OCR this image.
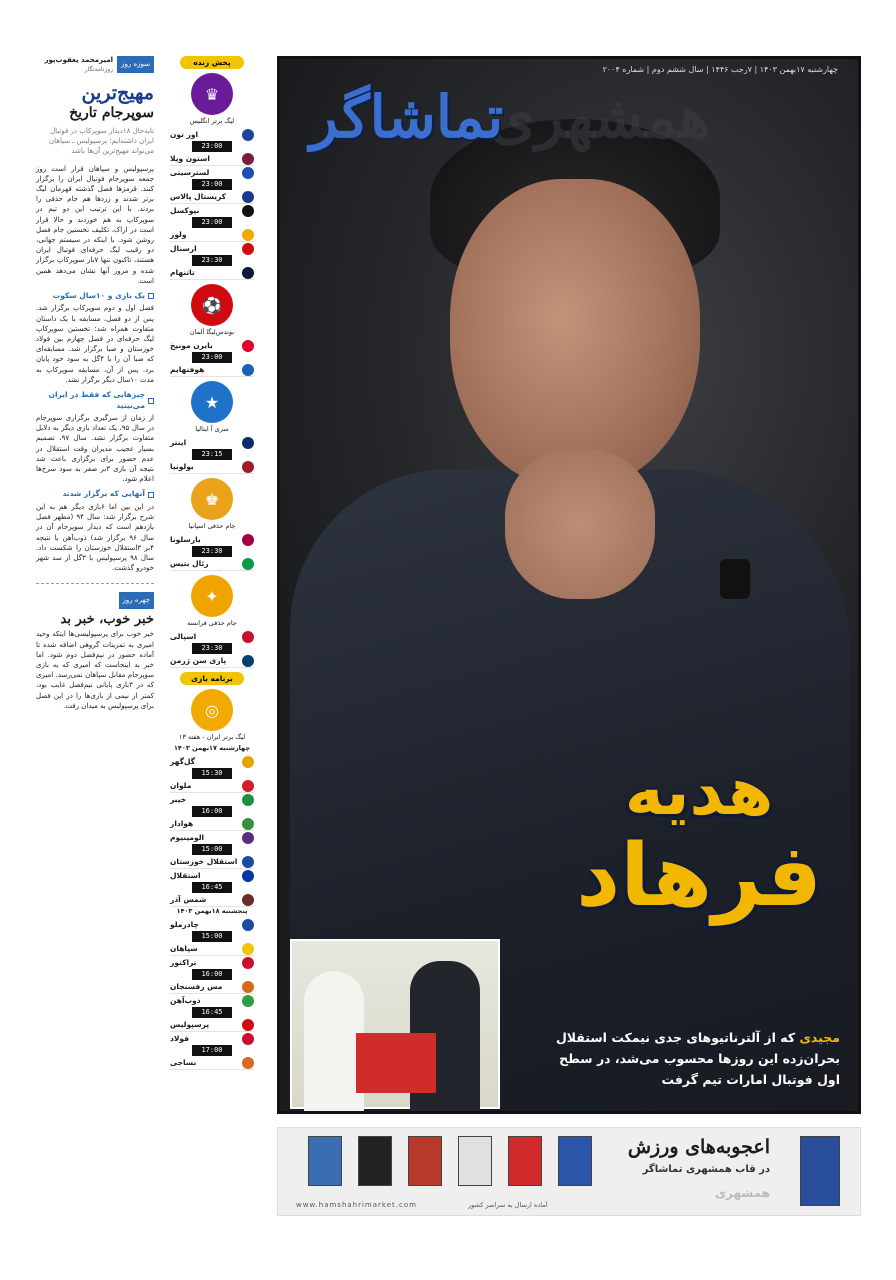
سوزه روز
امیرمحمد یعقوب‌پور
روزنامه‌نگار
مهیج‌ترین
سوپرجام تاریخ
تابه‌حال ۱۸دیدار سوپرکاپ در فوتبال ایران داشته‌ایم؛ پرسپولیس ـ سپاهان می‌تواند مهیج‌ترین آن‌ها باشد

پرسپولیس و سپاهان قرار است روز جمعه سوپرجام فوتبال ایران را برگزار کنند. قرمزها فصل گذشته قهرمان لیگ برتر شدند و زردها هم جام حذفی را بردند. با این ترتیب این دو تیم در سوپرکاپ به هم خوردند و حالا قرار است در اراک، تکلیف نخستین جام فصل روشن شود. با اینکه در سیستم جهانی، دو رقیب لیگ حرفه‌ای فوتبال ایران هستند، تاکنون تنها ۷بار سوپرکاپ برگزار شده و مرور آنها نشان می‌دهد همین است.

یک بازی و ۱۰سال سکوت

فصل اول و دوم سوپرکاپ برگزار شد. پس از دو فصل، مسابقه با یک داستان متفاوت همراه شد؛ تخستین سوپرکاپ لیگ حرفه‌ای در فصل چهارم بین فولاد خوزستان و صبا برگزار شد. مسابقه‌ای که صبا آن را با ۴گل به سود خود پایان برد. پس از آن، مسابقه سوپرکاپ به مدت ۱۰سال دیگر برگزار نشد.

چیزهایی که فقط در ایران می‌بینید

از زمان از سرگیری برگزاری سوپرجام در سال ۹۵، یک تعداد بازی دیگر به دلایل متفاوت برگزار نشد. سال ۹۷، تصمیم بسیار عجیب مدیران وقت استقلال در عدم حضور برای برگزاری باعث شد نتیجه آن بازی ۳بر صفر به سود سرخ‌ها اعلام شود.

آنهایی که برگزار شدند

در این بین اما ۶بازی دیگر هم به این شرح برگزار شد: سال ۹۴ (مطهر فصل یازدهم است که دیدار سوپرجام آن در سال ۹۶ برگزار شد) ذوب‌آهن با نتیجه ۴بر ۳استقلال خوزستان را شکست داد. سال ۹۸ پرسپولیس با ۳گل از سد شهر خودرو گذشت.

چهره روز
خبر خوب، خبر بد

خبر خوب برای پرسپولیسی‌ها اینکه وحید امیری به تمرینات گروهی اضافه شده تا آماده حضور در نیم‌فصل دوم شود. اما خبر بد اینجاست که امیری که به بازی سوپرجام مقابل سپاهان نمی‌رسد. امیری که در ۳بازی پایانی نیم‌فصل غایب بود، کمتر از نیمی از بازی‌ها را در این فصل برای پرسپولیس به میدان رفت.

پخش زنده
♛
لیگ برتر انگلیس
اور تون
23:00
استون ویلا
لسترسیتی
23:00
کریستال پالاس
نیوکسل
23:00
ولوز
ارسنال
23:30
تاتنهام
⚽
بوندس‌لیگا آلمان
بایرن مونیخ
23:00
هوفنهایم
★
سری آ ایتالیا
اینتر
23:15
بولونیا
♚
جام حذفی اسپانیا
بارسلونا
23:30
رئال بتیس
✦
جام حذفی فرانسه
اسپالی
23:30
پاری سن ژرمن
برنامه بازی
◎
لیگ برتر ایران - هفته ۱۳
چهارشنبه ۱۷بهمن ۱۴۰۳
گل‌گهر
15:30
ملوان
خیبر
16:00
هوادار
الومینیوم
15:00
استقلال خوزستان
استقلال
16:45
شمس آذر
پنجشنبه ۱۸بهمن ۱۴۰۳
چادرملو
15:00
سپاهان
تراکتور
16:00
مس رفسنجان
ذوب‌آهن
16:45
پرسپولیس
فولاد
17:00
نساجی
چهارشنبه ۱۷بهمن ۱۴۰۳ | ۷رجب ۱۴۴۶ | سال ششم دوم | شماره ۲۰۰۴
همشهری
تماشاگر
هدیه
فرهاد
مجیدی که از آلترناتیوهای جدی نیمکت استقلال بحران‌زده این روزها محسوب می‌شد، در سطح اول فوتبال امارات تیم گرفت
اعجوبه‌های ورزش
در قاب همشهری تماشاگر
همشهری
www.hamshahrimarket.com	آماده ارسال به سراسر کشور
